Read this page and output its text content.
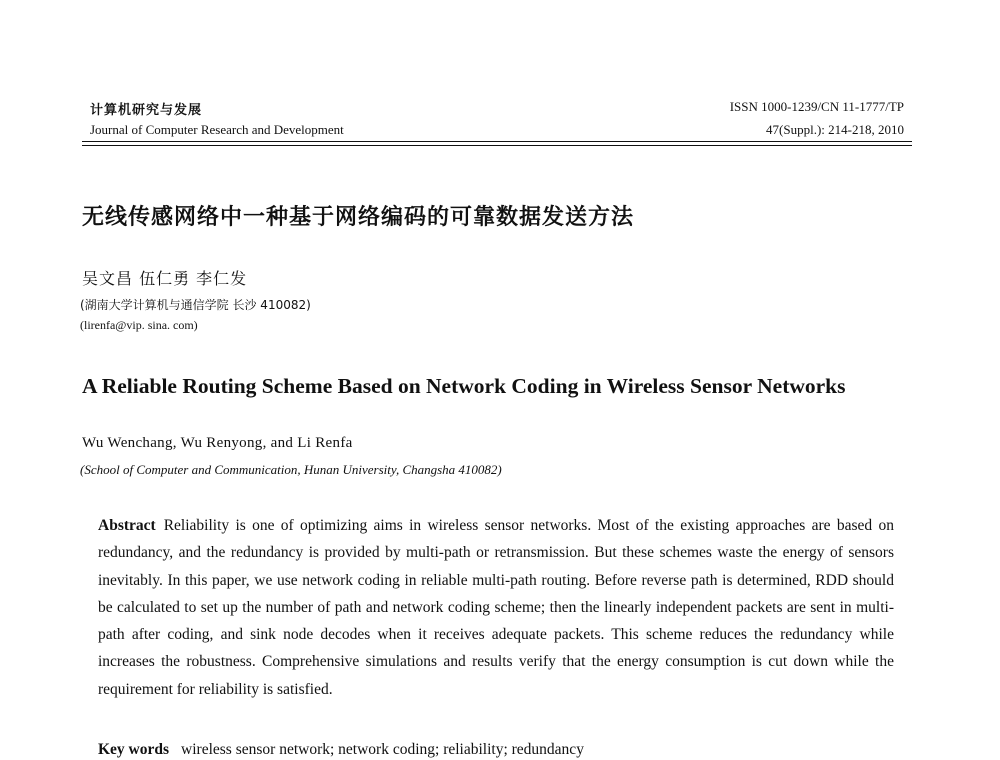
计算机研究与发展
Journal of Computer Research and Development
ISSN 1000-1239/CN 11-1777/TP
47(Suppl.): 214-218, 2010
无线传感网络中一种基于网络编码的可靠数据发送方法
吴文昌 伍仁勇 李仁发
(湖南大学计算机与通信学院 长沙 410082)
(lirenfa@vip. sina. com)
A Reliable Routing Scheme Based on Network Coding in Wireless Sensor Networks
Wu Wenchang, Wu Renyong, and Li Renfa
(School of Computer and Communication, Hunan University, Changsha 410082)

Abstract Reliability is one of optimizing aims in wireless sensor networks. Most of the existing approaches are based on redundancy, and the redundancy is provided by multi-path or retransmission. But these schemes waste the energy of sensors inevitably. In this paper, we use network coding in reliable multi-path routing. Before reverse path is determined, RDD should be calculated to set up the number of path and network coding scheme; then the linearly independent packets are sent in multi-path after coding, and sink node decodes when it receives adequate packets. This scheme reduces the redundancy while increases the robustness. Comprehensive simulations and results verify that the energy consumption is cut down while the requirement for reliability is satisfied.

Key words wireless sensor network; network coding; reliability; redundancy
